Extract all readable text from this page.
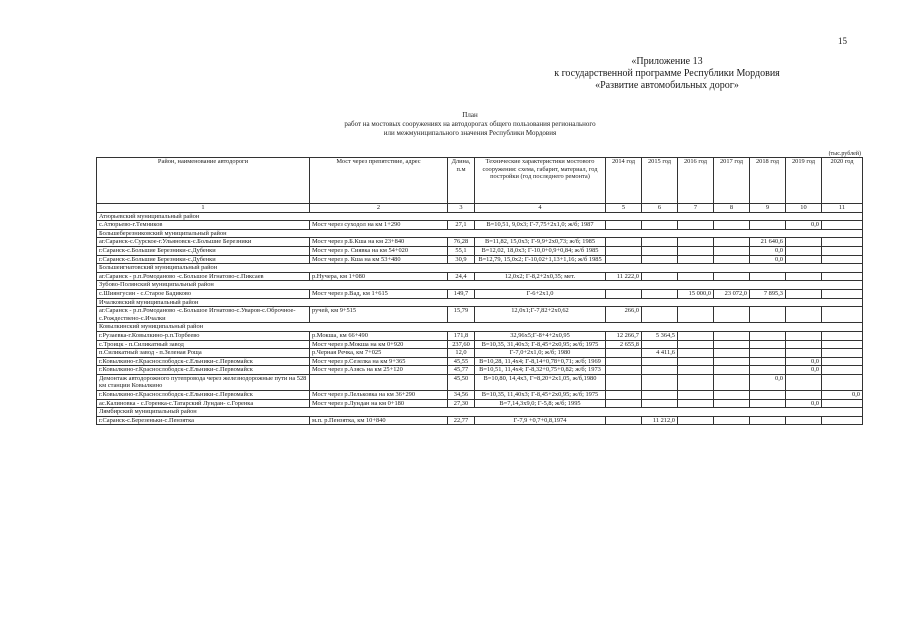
15
«Приложение 13
к государственной программе Республики Мордовия
«Развитие автомобильных дорог»
План
работ на мостовых сооружениях на автодорогах общего пользования регионального
или межмуниципального значения Республики Мордовия
(тыс.рублей)
Район, наименование автодороги	Мост через препятствие, адрес	Длина, п.м	Технические характеристики мостового сооружения: схема, габарит, материал, год постройки (год последнего ремонта)	2014 год	2015 год	2016 год	2017 год	2018 год	2019 год	2020 год
1	2	3	4	5	6	7	8	9	10	11
Атюрьевский муниципальный район										
с.Атюрьево-г.Темников	Мост через суходол на км 1+290	27,1	В=10,51, 9,0х3; Г-7,75+2х1,0; ж/б; 1987						0,0	
Большеберезниковский муниципальный район										
аг.Саранск-с.Сурское-г.Ульяновск-с.Большие Березники	Мост через р.Б.Кша на км 23+840	76,28	В=11,82, 15,0х3; Г-9,9+2х0,73; ж/б; 1985					21 640,6		
г.Саранск-с.Большие Березники-с.Дубенки	Мост через р. Сиявка на км 54+020	55,1	В=12,02, 18,0х3; Г-10,0+0,9+0,84; ж/б 1985					0,0		
г.Саранск-с.Большие Березники-с.Дубенки	Мост через р. Кша на км 53+480	30,9	В=12,79, 15,0х2; Г-10,02+1,13+1,16; ж/б 1985					0,0		
Большеигнатовский муниципальный район										
аг.Саранск - р.п.Ромоданово -с.Большое Игнатово-с.Пиксаев	р.Нучера, км 1+080	24,4	12,0х2; Г-8,2+2х0,35; мет.	11 222,0						
Зубово-Полянский муниципальный район										
с.Шиянгусин - с.Старое Бадиково	Мост через р.Вад, км 1+615	149,7	Г-6+2х1,0			15 000,0	23 072,0	7 895,3		
Ичалковский муниципальный район										
аг.Саранск - р.п.Ромоданово -с.Большое Игнатово-с.Уваров-с.Оброчное-с.Рождествено-с.Ичалки	ручей, км 9+515	15,79	12,0х1;Г-7,82+2х0,62	266,0						
Ковылкинский муниципальный район										
г.Рузаевка-г.Ковылкино-р.п.Торбеево	р.Мокша, км 66+490	171,8	32,96х5;Г-8+4+2х0,95	12 266,7	5 364,5					
с.Троицк - п.Силикатный завод	Мост через р.Мокша на км 0+920	237,60	В=10,35, 31,40х3; Г-8,45+2х0,95; ж/б; 1975	2 655,8						
п.Силикатный завод - п.Зеленая Роща	р.Черная Речка, км 7+025	12,0	Г-7,0+2х1,0; ж/б; 1980		4 411,6					
г.Ковылкино-г.Краснослободск-с.Ельники-с.Первомайск	Мост через р.Сезелка на км 9+365	45,55	В=10,28, 11,4х4; Г-8,14+0,78+0,71; ж/б; 1969						0,0	
г.Ковылкино-г.Краснослободск-с.Ельники-с.Первомайск	Мост через р.Азясь на км 25+120	45,77	В=10,51, 11,4х4; Г-8,32+0,75+0,82; ж/б; 1973						0,0	
Демонтаж автодорожного путепровода через железнодорожные пути на 528 км станции Ковылкино		45,50	В=10,80, 14,4х3, Г=8,20+2х1,05, ж/б,1980					0,0		
г.Ковылкино-г.Краснослободск-с.Ельники-с.Первомайск	Мост через р.Лельковка на км 36+290	34,56	В=10,35, 11,40х3; Г-8,45+2х0,95; ж/б; 1975							0,0
ас.Калиновка - с.Горенка-с.Татарский Лундан- с.Горенка	Мост через р.Лундан на км 0+180	27,30	В=7,14,3х9,0; Г-5,8; ж/б; 1995						0,0	
Лямбирский муниципальный район										
г.Саранск-с.Березеньки-с.Пензятка	м.п. р.Пензятка, км 10+840	22,77	Г-7,9 +0,7+0,8,1974		11 212,0					
